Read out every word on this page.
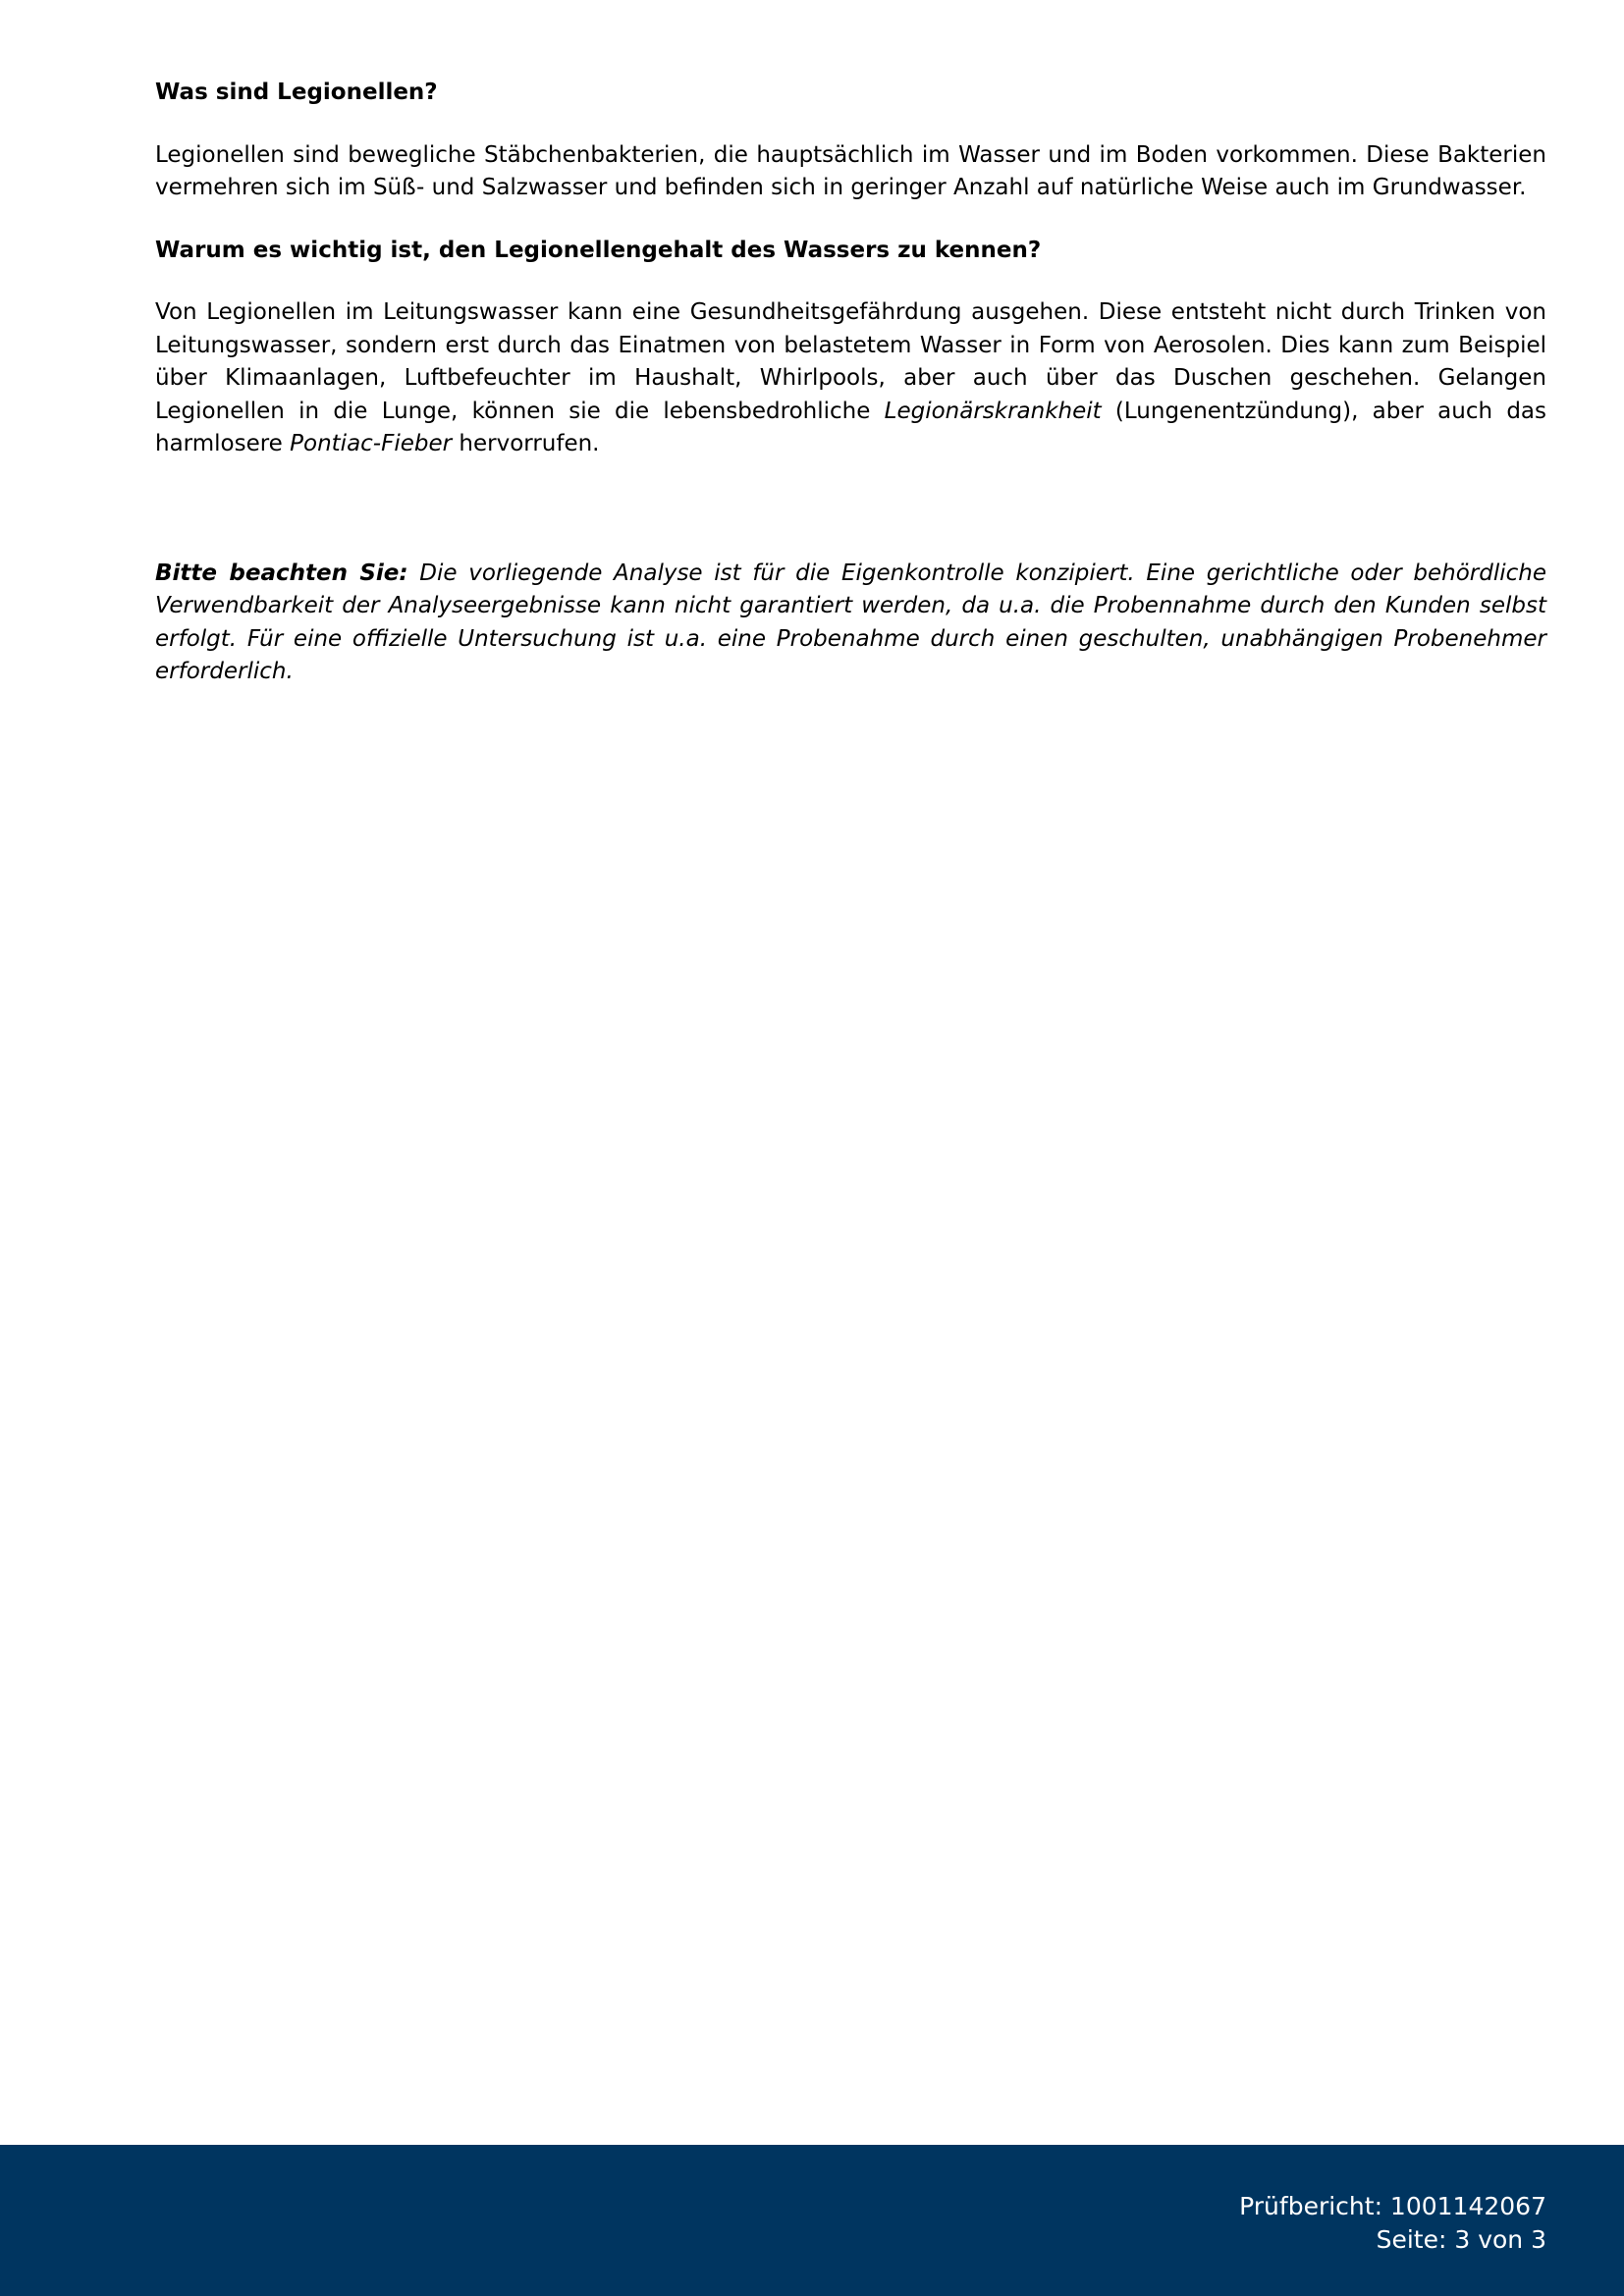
Was sind Legionellen?

Legionellen sind bewegliche Stäbchenbakterien, die hauptsächlich im Wasser und im Boden vorkommen. Diese Bakterien vermehren sich im Süß- und Salzwasser und befinden sich in geringer Anzahl auf natürliche Weise auch im Grundwasser.

Warum es wichtig ist, den Legionellengehalt des Wassers zu kennen?

Von Legionellen im Leitungswasser kann eine Gesundheitsgefährdung ausgehen. Diese entsteht nicht durch Trinken von Leitungswasser, sondern erst durch das Einatmen von belastetem Wasser in Form von Aerosolen. Dies kann zum Beispiel über Klimaanlagen, Luftbefeuchter im Haushalt, Whirlpools, aber auch über das Duschen geschehen. Gelangen Legionellen in die Lunge, können sie die lebensbedrohliche Legionärskrankheit (Lungenentzündung), aber auch das harmlosere Pontiac-Fieber hervorrufen.

Bitte beachten Sie: Die vorliegende Analyse ist für die Eigenkontrolle konzipiert. Eine gerichtliche oder behördliche Verwendbarkeit der Analyseergebnisse kann nicht garantiert werden, da u.a. die Probennahme durch den Kunden selbst erfolgt. Für eine offizielle Untersuchung ist u.a. eine Probenahme durch einen geschulten, unabhängigen Probenehmer erforderlich.

Prüfbericht: 1001142067
Seite: 3 von 3
